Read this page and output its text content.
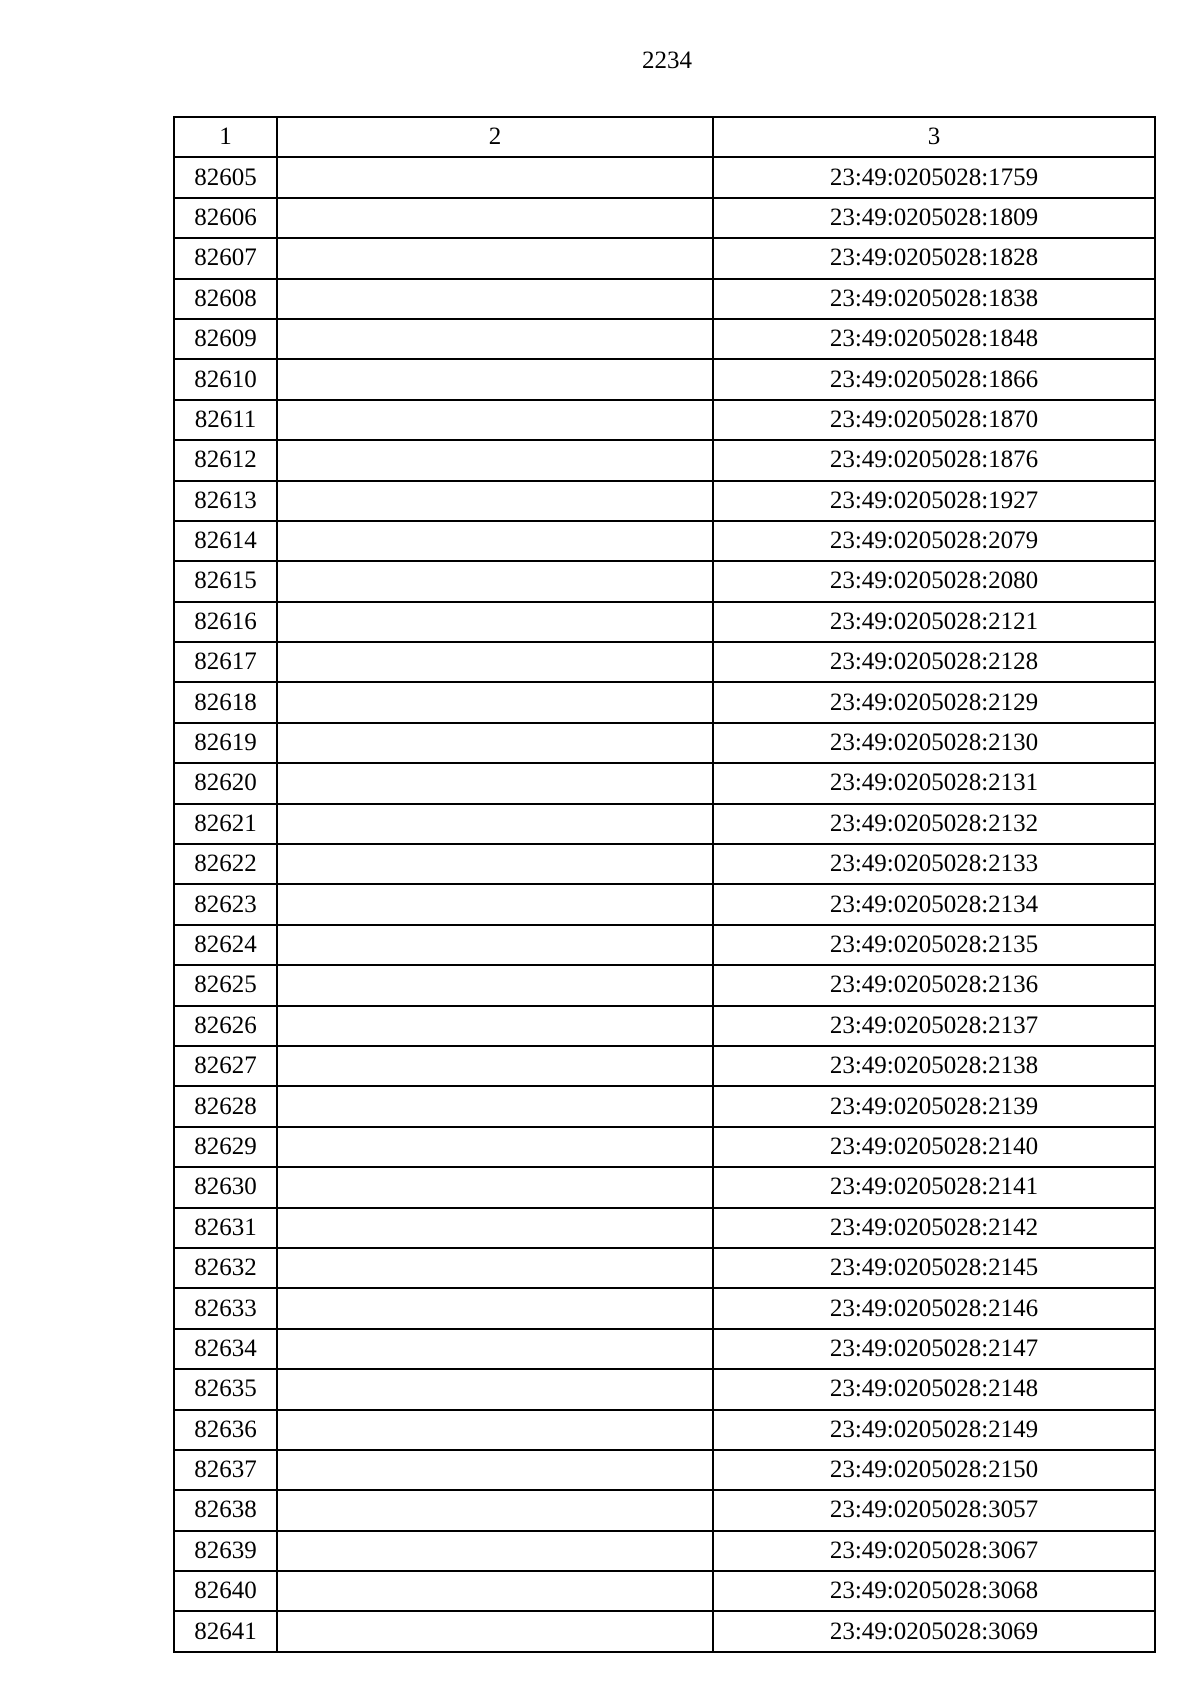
2234
1	2	3
82605		23:49:0205028:1759
82606		23:49:0205028:1809
82607		23:49:0205028:1828
82608		23:49:0205028:1838
82609		23:49:0205028:1848
82610		23:49:0205028:1866
82611		23:49:0205028:1870
82612		23:49:0205028:1876
82613		23:49:0205028:1927
82614		23:49:0205028:2079
82615		23:49:0205028:2080
82616		23:49:0205028:2121
82617		23:49:0205028:2128
82618		23:49:0205028:2129
82619		23:49:0205028:2130
82620		23:49:0205028:2131
82621		23:49:0205028:2132
82622		23:49:0205028:2133
82623		23:49:0205028:2134
82624		23:49:0205028:2135
82625		23:49:0205028:2136
82626		23:49:0205028:2137
82627		23:49:0205028:2138
82628		23:49:0205028:2139
82629		23:49:0205028:2140
82630		23:49:0205028:2141
82631		23:49:0205028:2142
82632		23:49:0205028:2145
82633		23:49:0205028:2146
82634		23:49:0205028:2147
82635		23:49:0205028:2148
82636		23:49:0205028:2149
82637		23:49:0205028:2150
82638		23:49:0205028:3057
82639		23:49:0205028:3067
82640		23:49:0205028:3068
82641		23:49:0205028:3069
